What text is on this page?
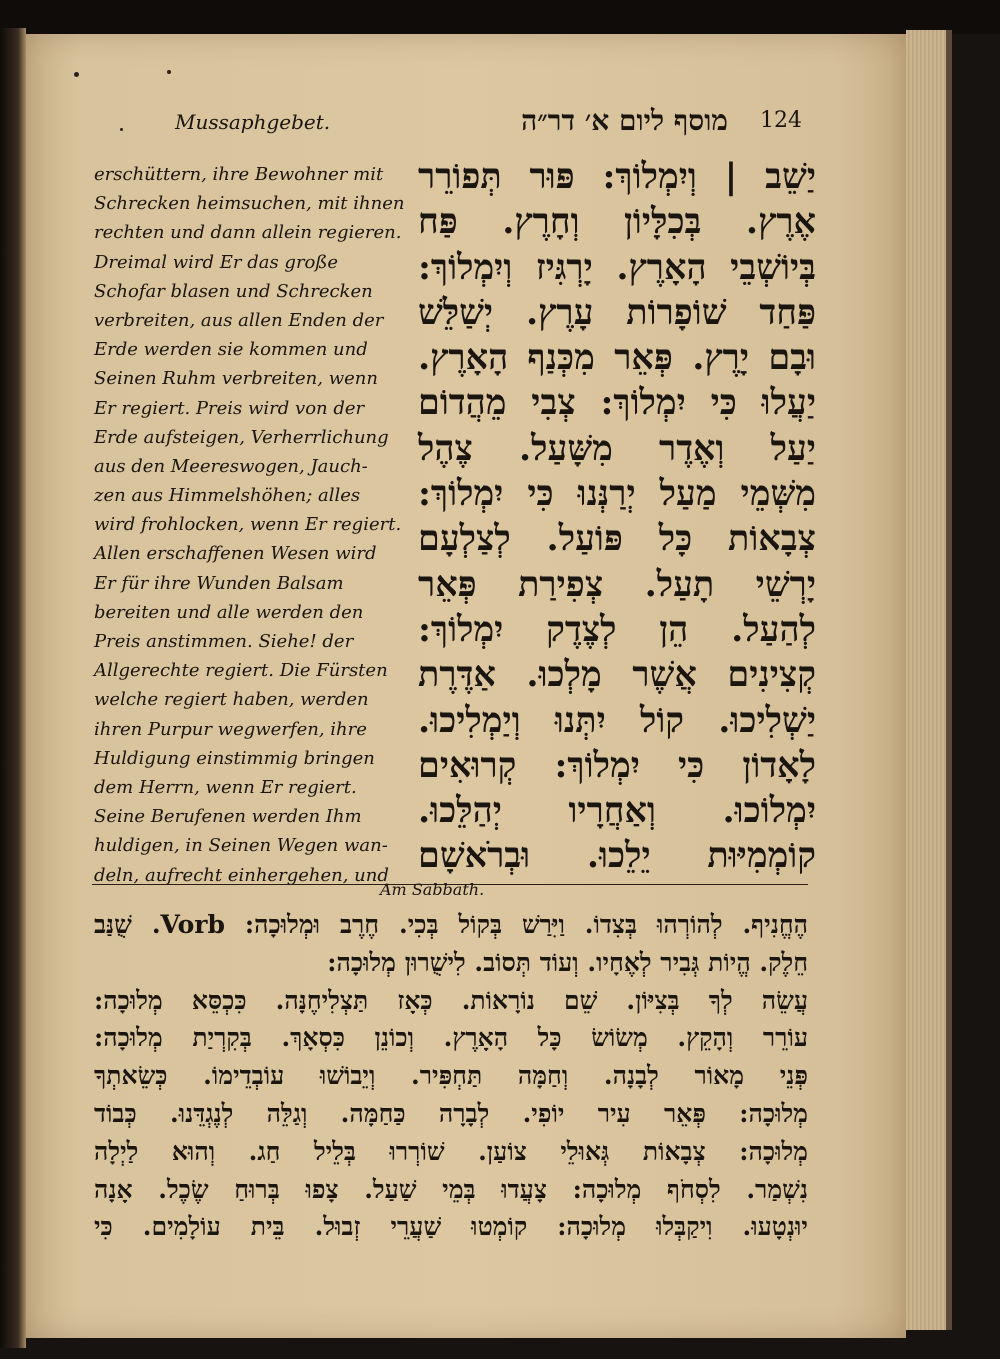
Mussaphgebet.	מוסף ליום א׳ דר״ה 124
erschüttern, ihre Bewohner mit
Schrecken heimsuchen, mit ihnen
rechten und dann allein regieren.
Dreimal wird Er das große
Schofar blasen und Schrecken
verbreiten, aus allen Enden der
Erde werden sie kommen und
Seinen Ruhm verbreiten, wenn
Er regiert. Preis wird von der
Erde aufsteigen, Verherrlichung
aus den Meereswogen, Jauch-
zen aus Himmelshöhen; alles
wird frohlocken, wenn Er regiert.
Allen erschaffenen Wesen wird
Er für ihre Wunden Balsam
bereiten und alle werden den
Preis anstimmen. Siehe! der
Allgerechte regiert. Die Fürsten
welche regiert haben, werden
ihren Purpur wegwerfen, ihre
Huldigung einstimmig bringen
dem Herrn, wenn Er regiert.
Seine Berufenen werden Ihm
huldigen, in Seinen Wegen wan-
deln, aufrecht einhergehen, und
יַשֵׁב | וְיִמְלוֹךְ: פּוּר תְּפוֹרֵר
אֶרֶץ. בְּכִלָּיוֹן וְחָרֶץ. פַּח
בְּיוֹשְׁבֵי הָאָרֶץ. יָרְגִּיז וְיִמְלוֹךְ:
פַּחַד שׁוֹפָרוֹת עָרֶץ. יְשַׁלֵּשׁ
וּבָם יָרֶץ. פְּאֵר מִכְּנַף הָאָרֶץ.
יַעֲלוּ כִּי יִמְלוֹךְ: צְבִי מֵהֲדוֹם
יַעַל וְאֶדֶר מִשָּׁעַל. צֶהֶל
מִשְּׁמֵי מַעַל יְרַנְּנוּ כִּי יִמְלוֹךְ:
צְבָאוֹת כָּל פּוֹעַל. לְצַלְעָם
יָרְשֵׁי תָעַל. צְפִירַת פְּאֵר
לְהַעַל. הֵן לְצֶדֶק יִמְלוֹךְ:
קְצִינִים אֲשֶׁר מָלְכוּ. אַדֶּרֶת
יַשְׁלִיכוּ. קוֹל יִתְּנוּ וְיַמְלִיכוּ.
לָאָדוֹן כִּי יִמְלוֹךְ: קְרוּאִים
יִמְלוֹכוּ. וְאַחֲרָיו יְהַלֵּכוּ.
קוֹמְמִיּוּת יֵלֵכוּ. וּבְרֹאשָׁם
Am Sabbath.
הֶחֱנִיף. לְהוֹרְהוּ בְּצִדוֹ. וַיִּרַשׁ בְּקוֹל בְּכִי. חֶרֶב וּמְלוּכָה: Vorb. שֻׁנַּב
חֵלֶק. הֱיוֹת גְּבִיר לְאֶחָיו. וְעוֹד תְּסוֹב. לִישֻׁרוּן מְלוּכָה:
עֲשֵׂה לְךָ בְּצִיּוֹן. שֵׁם נוֹרָאוֹת. כְּאָז תַּצְלִיחֶנָּה. כִּכְסֵּא מְלוּכָה:
עוֹרֵר וְהָקֵץ. מְשׂוֹשׂ כָּל הָאָרֶץ. וְכוֹנֵן כִּסְאָךְ. בְּקִרְיַת מְלוּכָה:
פְּנֵי מָאוֹר לְבָנָה. וְחַמָּה תַּחְפִּיר. וְיֵבוֹשׁוּ עוֹבְדֵימוֹ. כְּשֵׂאתְךָ
מְלוּכָה: פְּאֵר עִיר יוֹפִי. לְבָרָה כַּחַמָּה. וְגַלֵּה לְנֶגְדֵּנוּ. כְּבוֹד
מְלוּכָה: צְבָאוֹת גְּאוּלֵי צוֹעַן. שׁוֹרְרוּ בְּלֵיל חַג. וְהוּא לַיְלָה
נִשְׁמַר. לִסְחֹף מְלוּכָה: צָעֲדוּ בְּמֵי שַׁעַל. צָפוּ בְּרוּחַ שֶׂכֶל. אָנָה
יוּנְטָעוּ. וִיקַבְּלוּ מְלוּכָה: קוֹמְטוּ שַׁעֲרֵי זְבוּל. בֵּית עוֹלָמִים. כִּי
